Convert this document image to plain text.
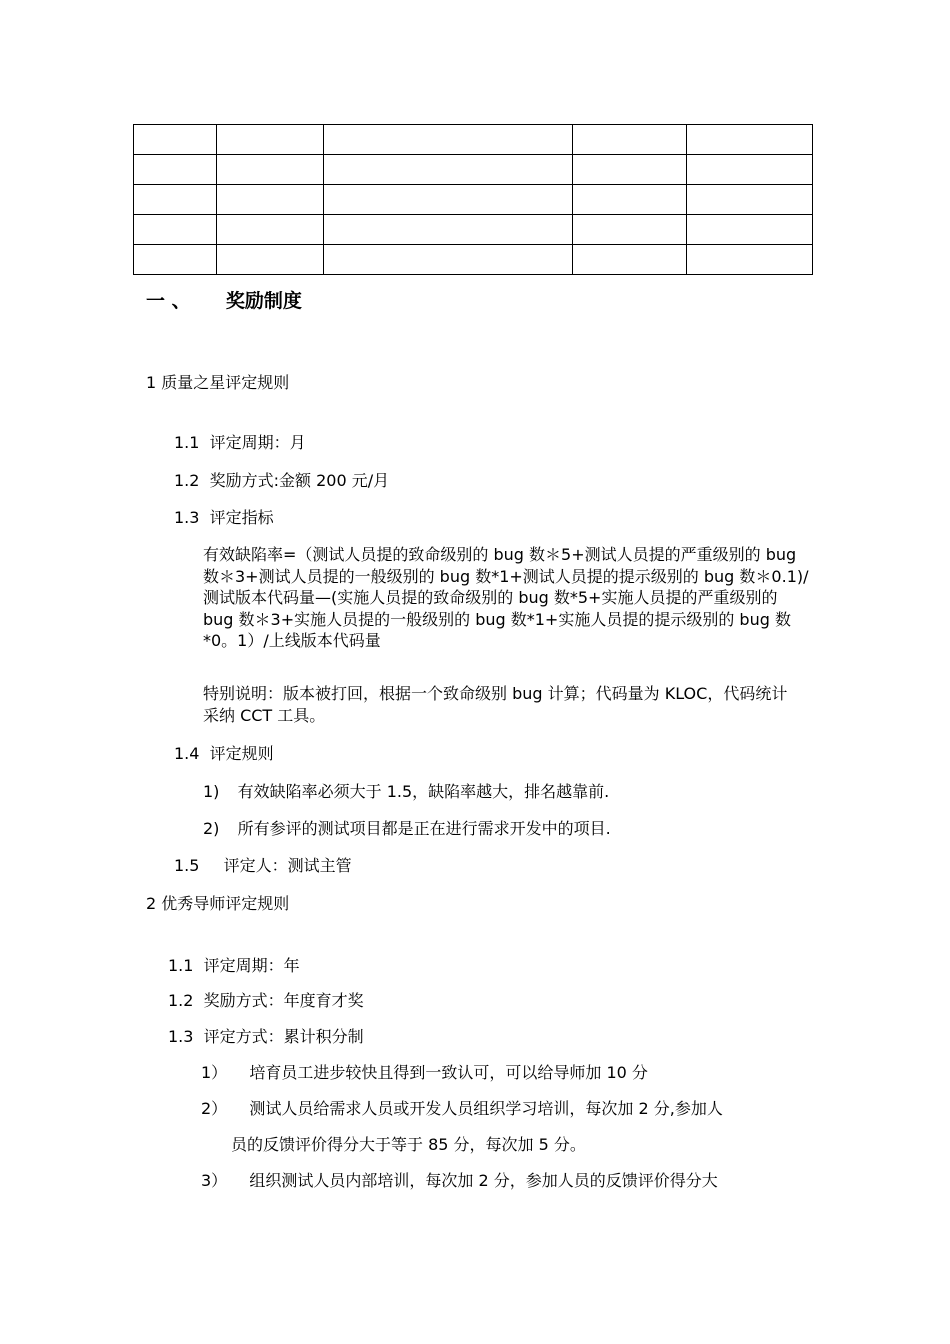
一 、 奖励制度
1 质量之星评定规则
1.1 评定周期：月
1.2 奖励方式:金额 200 元/月
1.3 评定指标
有效缺陷率=（测试人员提的致命级别的 bug 数＊5+测试人员提的严重级别的 bug 数＊3+测试人员提的一般级别的 bug 数*1+测试人员提的提示级别的 bug 数＊0.1)/测试版本代码量—(实施人员提的致命级别的 bug 数*5+实施人员提的严重级别的 bug 数＊3+实施人员提的一般级别的 bug 数*1+实施人员提的提示级别的 bug 数*0。1）/上线版本代码量
特别说明：版本被打回，根据一个致命级别 bug 计算；代码量为 KLOC，代码统计采纳 CCT 工具。
1.4 评定规则
1) 有效缺陷率必须大于 1.5，缺陷率越大，排名越靠前.
2) 所有参评的测试项目都是正在进行需求开发中的项目.
1.5 评定人：测试主管
2 优秀导师评定规则
1.1 评定周期：年
1.2 奖励方式：年度育才奖
1.3 评定方式：累计积分制
1） 培育员工进步较快且得到一致认可，可以给导师加 10 分
2） 测试人员给需求人员或开发人员组织学习培训，每次加 2 分,参加人
员的反馈评价得分大于等于 85 分，每次加 5 分。
3） 组织测试人员内部培训，每次加 2 分，参加人员的反馈评价得分大
